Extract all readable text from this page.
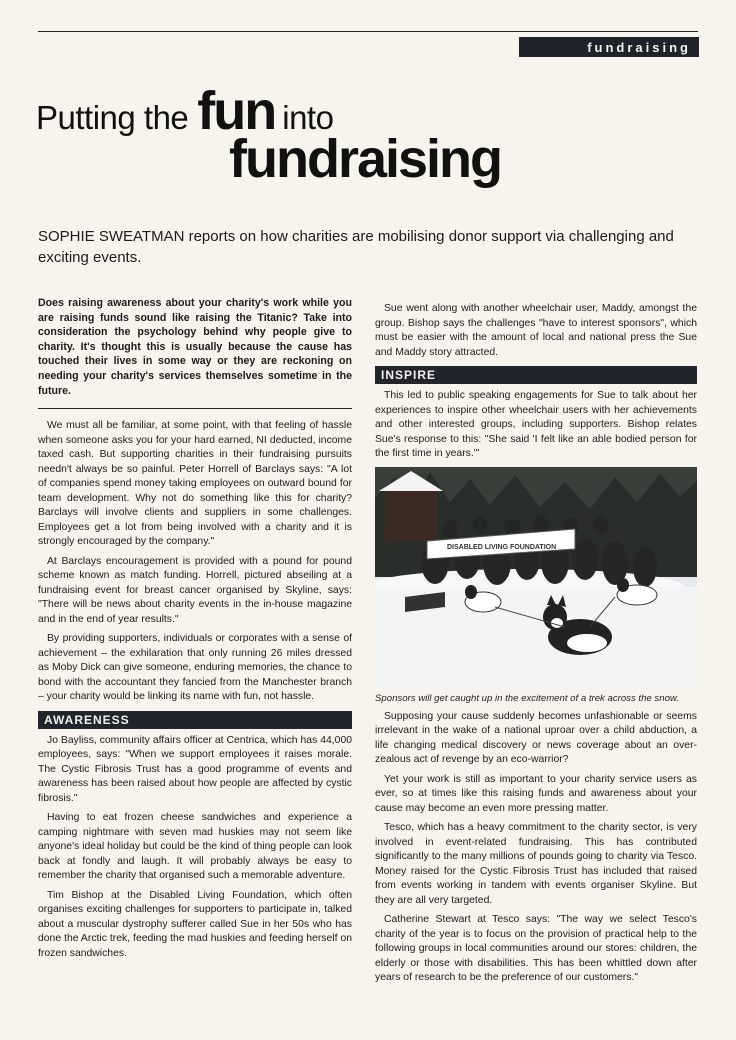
fundraising
Putting the fun into
fundraising
SOPHIE SWEATMAN reports on how charities are mobilising donor support via challenging and exciting events.

Does raising awareness about your charity's work while you are raising funds sound like raising the Titanic? Take into consideration the psychology behind why people give to charity. It's thought this is usually because the cause has touched their lives in some way or they are reckoning on needing your charity's services themselves sometime in the future.

We must all be familiar, at some point, with that feeling of hassle when someone asks you for your hard earned, NI deducted, income taxed cash. But supporting charities in their fundraising pursuits needn't always be so painful. Peter Horrell of Barclays says: "A lot of companies spend money taking employees on outward bound for team development. Why not do something like this for charity? Barclays will involve clients and suppliers in some challenges. Employees get a lot from being involved with a charity and it is strongly encouraged by the company."

At Barclays encouragement is provided with a pound for pound scheme known as match funding. Horrell, pictured abseiling at a fundraising event for breast cancer organised by Skyline, says: "There will be news about charity events in the in-house magazine and in the end of year results."

By providing supporters, individuals or corporates with a sense of achievement – the exhilaration that only running 26 miles dressed as Moby Dick can give someone, enduring memories, the chance to bond with the accountant they fancied from the Manchester branch – your charity would be linking its name with fun, not hassle.

AWARENESS

Jo Bayliss, community affairs officer at Centrica, which has 44,000 employees, says: "When we support employees it raises morale. The Cystic Fibrosis Trust has a good programme of events and awareness has been raised about how people are affected by cystic fibrosis."

Having to eat frozen cheese sandwiches and experience a camping nightmare with seven mad huskies may not seem like anyone's ideal holiday but could be the kind of thing people can look back at fondly and laugh. It will probably always be easy to remember the charity that organised such a memorable adventure.

Tim Bishop at the Disabled Living Foundation, which often organises exciting challenges for supporters to participate in, talked about a muscular dystrophy sufferer called Sue in her 50s who has done the Arctic trek, feeding the mad huskies and feeding herself on frozen sandwiches.

Sue went along with another wheelchair user, Maddy, amongst the group. Bishop says the challenges "have to interest sponsors", which must be easier with the amount of local and national press the Sue and Maddy story attracted.

INSPIRE

This led to public speaking engagements for Sue to talk about her experiences to inspire other wheelchair users with her achievements and other interested groups, including supporters. Bishop relates Sue's response to this: "She said 'I felt like an able bodied person for the first time in years.'"

DISABLED LIVING FOUNDATION

Sponsors will get caught up in the excitement of a trek across the snow.

Supposing your cause suddenly becomes unfashionable or seems irrelevant in the wake of a national uproar over a child abduction, a life changing medical discovery or news coverage about an over-zealous act of revenge by an eco-warrior?

Yet your work is still as important to your charity service users as ever, so at times like this raising funds and awareness about your cause may become an even more pressing matter.

Tesco, which has a heavy commitment to the charity sector, is very involved in event-related fundraising. This has contributed significantly to the many millions of pounds going to charity via Tesco. Money raised for the Cystic Fibrosis Trust has included that raised from events working in tandem with events organiser Skyline. But they are all very targeted.

Catherine Stewart at Tesco says: "The way we select Tesco's charity of the year is to focus on the provision of practical help to the following groups in local communities around our stores: children, the elderly or those with disabilities. This has been whittled down after years of research to be the preference of our customers."
